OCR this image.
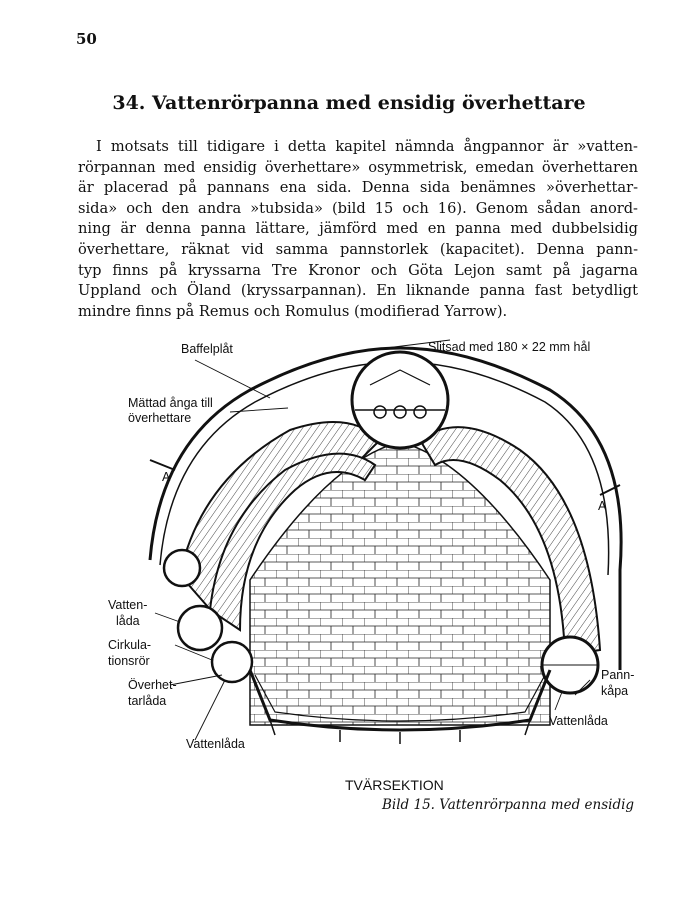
50
34. Vattenrörpanna med ensidig överhettare
I motsats till tidigare i detta kapitel nämnda ångpannor är »vatten-
rörpannan med ensidig överhettare» osymmetrisk, emedan överhettaren
är placerad på pannans ena sida. Denna sida benämnes »överhettar-
sida» och den andra »tubsida» (bild 15 och 16). Genom sådan anord-
ning är denna panna lättare, jämförd med en panna med dubbelsidig
överhettare, räknat vid samma pannstorlek (kapacitet). Denna pann-
typ finns på kryssarna Tre Kronor och Göta Lejon samt på jagarna
Uppland och Öland (kryssarpannan). En liknande panna fast betydligt
mindre finns på Remus och Romulus (modifierad Yarrow).
Baffelplåt	Slitsad med 180 × 22 mm hål
Mättad ånga till
överhettare
A
A
Vatten-
låda
Cirkula-
tionsrör
Överhet-
tarlåda
Vattenlåda
Pann-
kåpa
Vattenlåda
TVÄRSEKTION
Bild 15. Vattenrörpanna med ensidig
